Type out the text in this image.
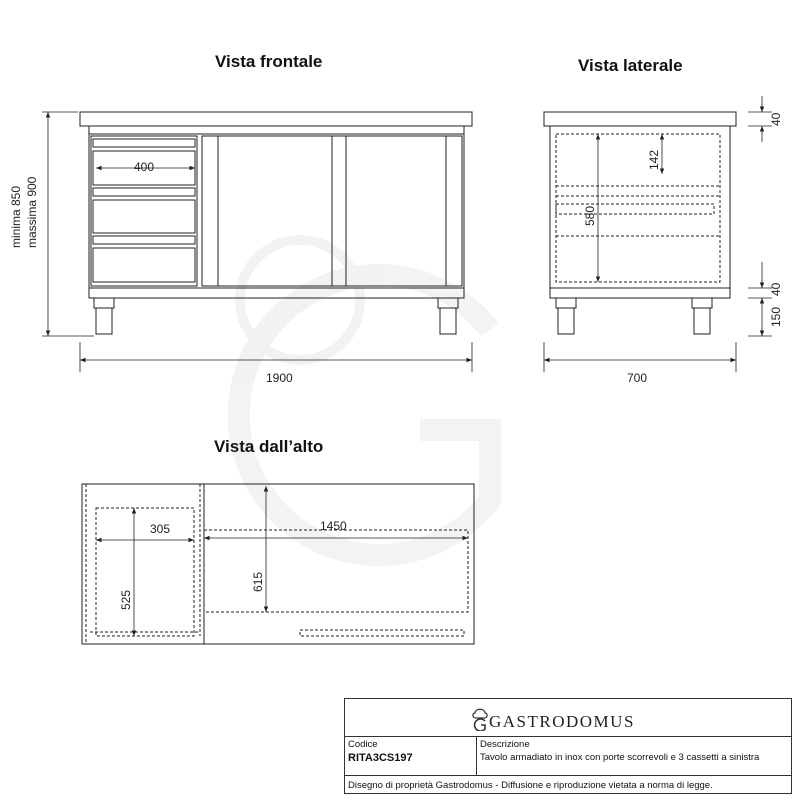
Vista frontale	Vista laterale
Vista dall’alto
400
1900
minima 850 massima 900
142
580
700
40
40
150
305
525
1450
615
GASTRODOMUS
Codice
RITA3CS197
Descrizione
Tavolo armadiato in inox con porte scorrevoli e 3 cassetti a sinistra
Disegno di proprietà Gastrodomus - Diffusione e riproduzione vietata a norma di legge.
